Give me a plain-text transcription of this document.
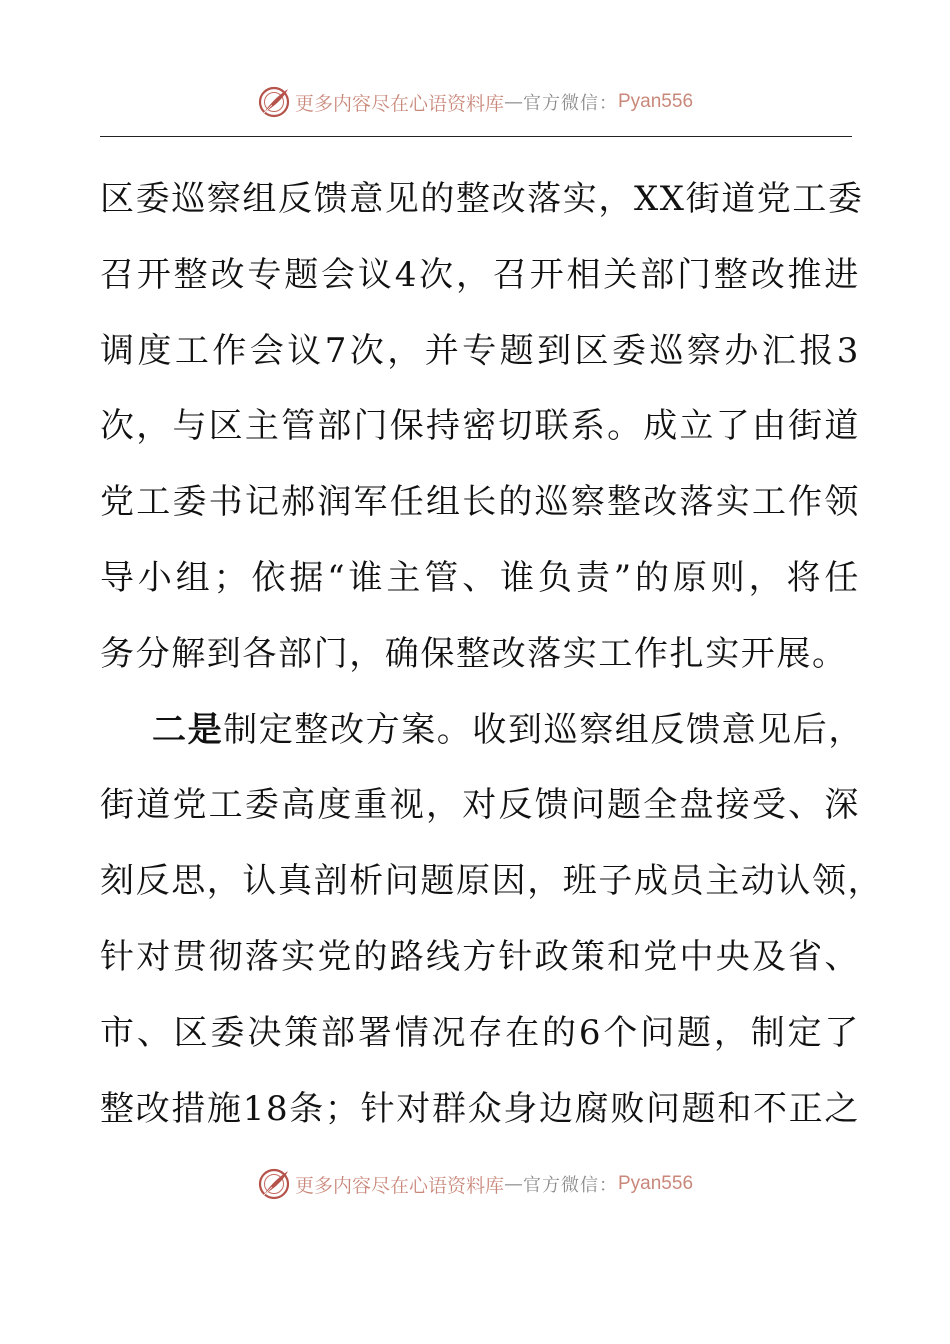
更多内容尽在心语资料库 — 官方微信： Pyan556
区委巡察组反馈意见的整改落实，XX街道党工委
召开整改专题会议4次，召开相关部门整改推进
调度工作会议7次，并专题到区委巡察办汇报3
次，与区主管部门保持密切联系。成立了由街道
党工委书记郝润军任组长的巡察整改落实工作领
导小组；依据“谁主管、谁负责”的原则，将任
务分解到各部门，确保整改落实工作扎实开展。
二是制定整改方案。收到巡察组反馈意见后，
街道党工委高度重视，对反馈问题全盘接受、深
刻反思，认真剖析问题原因，班子成员主动认领，
针对贯彻落实党的路线方针政策和党中央及省、
市、区委决策部署情况存在的6个问题，制定了
整改措施18条；针对群众身边腐败问题和不正之
更多内容尽在心语资料库 — 官方微信： Pyan556
